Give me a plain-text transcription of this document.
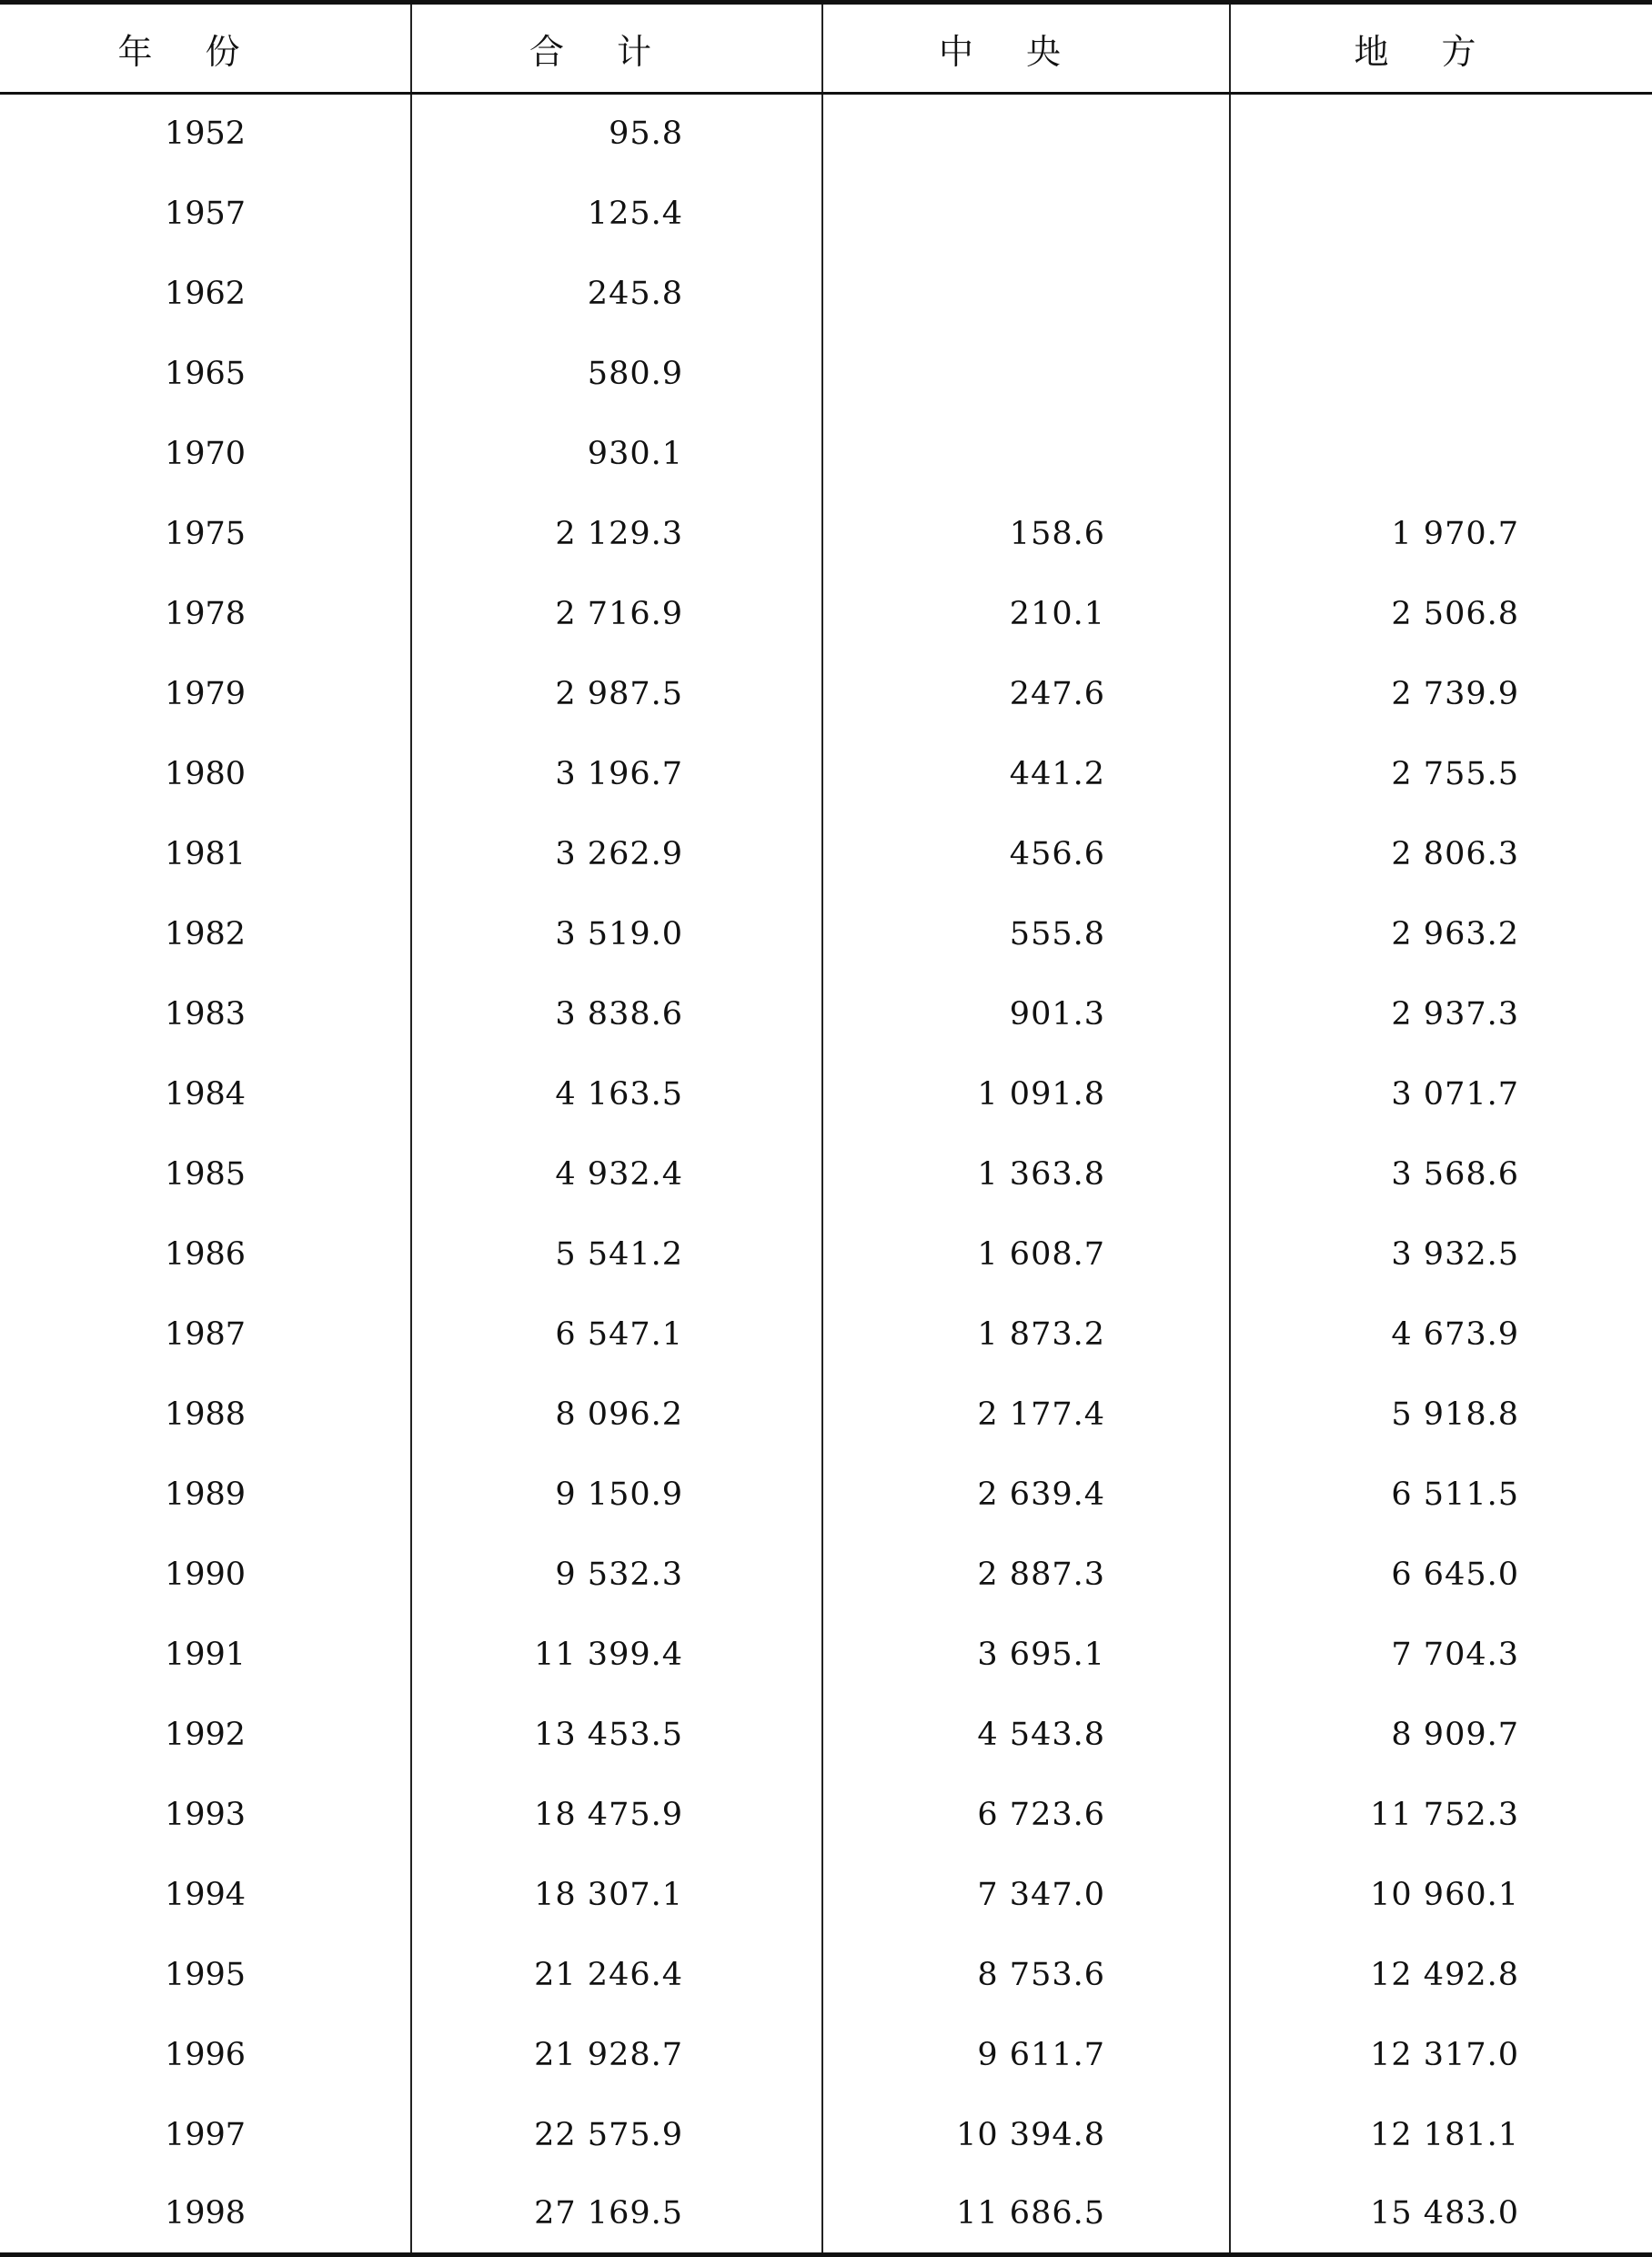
年份	合计	中央	地方
1952	95.8		
1957	125.4		
1962	245.8		
1965	580.9		
1970	930.1		
1975	2 129.3	158.6	1 970.7
1978	2 716.9	210.1	2 506.8
1979	2 987.5	247.6	2 739.9
1980	3 196.7	441.2	2 755.5
1981	3 262.9	456.6	2 806.3
1982	3 519.0	555.8	2 963.2
1983	3 838.6	901.3	2 937.3
1984	4 163.5	1 091.8	3 071.7
1985	4 932.4	1 363.8	3 568.6
1986	5 541.2	1 608.7	3 932.5
1987	6 547.1	1 873.2	4 673.9
1988	8 096.2	2 177.4	5 918.8
1989	9 150.9	2 639.4	6 511.5
1990	9 532.3	2 887.3	6 645.0
1991	11 399.4	3 695.1	7 704.3
1992	13 453.5	4 543.8	8 909.7
1993	18 475.9	6 723.6	11 752.3
1994	18 307.1	7 347.0	10 960.1
1995	21 246.4	8 753.6	12 492.8
1996	21 928.7	9 611.7	12 317.0
1997	22 575.9	10 394.8	12 181.1
1998	27 169.5	11 686.5	15 483.0
